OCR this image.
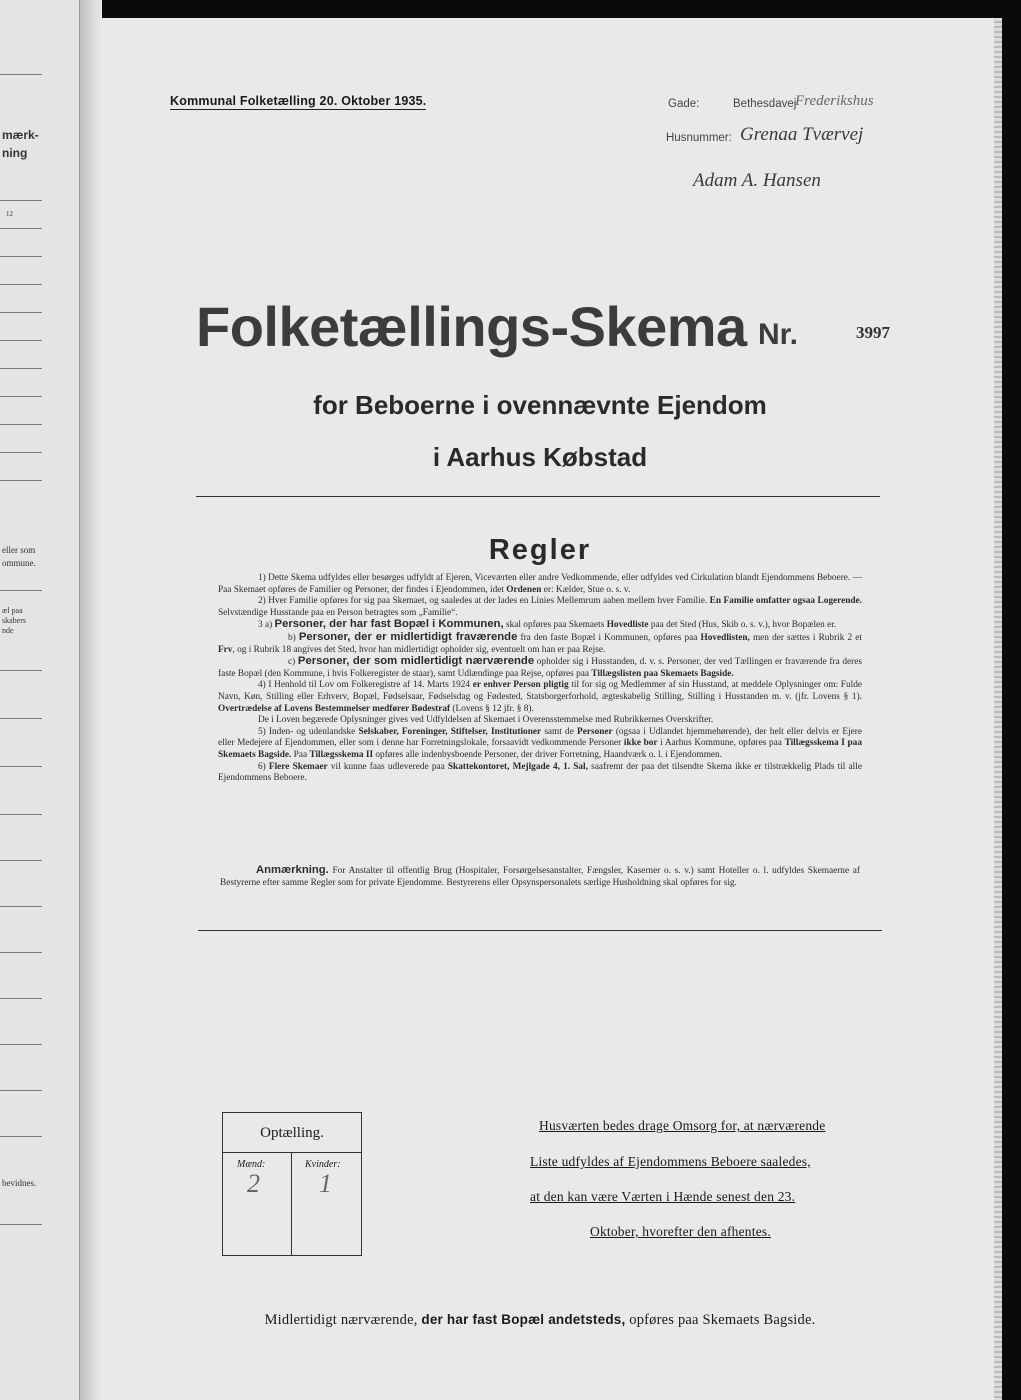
mærk-
ning
12
eller som
ommune.
æl paa
skabers
nde
bevidnes.
Kommunal Folketælling 20. Oktober 1935.	Gade:	Bethesdavej
Frederikshus
Husnummer: Grenaa Tværvej
Adam A. Hansen
Folketællings-Skema Nr.	3997
for Beboerne i ovennævnte Ejendom
i Aarhus Købstad
Regler

1) Dette Skema udfyldes eller besørges udfyldt af Ejeren, Viceværten eller andre Vedkommende, eller udfyldes ved Cirkulation blandt Ejendommens Beboere. — Paa Skemaet opføres de Familier og Personer, der findes i Ejendommen, idet Ordenen er: Kælder, Stue o. s. v.

2) Hver Familie opføres for sig paa Skemaet, og saaledes at der lades en Linies Mellemrum aaben mellem hver Familie. En Familie omfatter ogsaa Logerende. Selvstændige Husstande paa en Person betragtes som „Familie“.

3 a) Personer, der har fast Bopæl i Kommunen, skal opføres paa Skemaets Hovedliste paa det Sted (Hus, Skib o. s. v.), hvor Bopælen er.

b) Personer, der er midlertidigt fraværende fra den faste Bopæl i Kommunen, opføres paa Hovedlisten, men der sættes i Rubrik 2 et Frv, og i Rubrik 18 angives det Sted, hvor han midlertidigt opholder sig, eventuelt om han er paa Rejse.

c) Personer, der som midlertidigt nærværende opholder sig i Husstanden, d. v. s. Personer, der ved Tællingen er fraværende fra deres faste Bopæl (den Kommune, i hvis Folkeregister de staar), samt Udlændinge paa Rejse, opføres paa Tillægslisten paa Skemaets Bagside.

4) I Henhold til Lov om Folkeregistre af 14. Marts 1924 er enhver Person pligtig til for sig og Medlemmer af sin Husstand, at meddele Oplysninger om: Fulde Navn, Køn, Stilling eller Erhverv, Bopæl, Fødselsaar, Fødselsdag og Fødested, Statsborgerforhold, ægteskabelig Stilling, Stilling i Husstanden m. v. (jfr. Lovens § 1). Overtrædelse af Lovens Bestemmelser medfører Bødestraf (Lovens § 12 jfr. § 8).

De i Loven begærede Oplysninger gives ved Udfyldelsen af Skemaet i Overensstemmelse med Rubrikkernes Overskrifter.

5) Inden- og udenlandske Selskaber, Foreninger, Stiftelser, Institutioner samt de Personer (ogsaa i Udlandet hjemmehørende), der helt eller delvis er Ejere eller Medejere af Ejendommen, eller som i denne har Forretningslokale, forsaavidt vedkommende Personer ikke bor i Aarhus Kommune, opføres paa Tillægsskema I paa Skemaets Bagside. Paa Tillægsskema II opføres alle indenbysboende Personer, der driver Forretning, Haandværk o. l. i Ejendommen.

6) Flere Skemaer vil kunne faas udleverede paa Skattekontoret, Mejlgade 4, 1. Sal, saafremt der paa det tilsendte Skema ikke er tilstrækkelig Plads til alle Ejendommens Beboere.

Anmærkning. For Anstalter til offentlig Brug (Hospitaler, Forsørgelsesanstalter, Fængsler, Kaserner o. s. v.) samt Hoteller o. l. udfyldes Skemaerne af Bestyrerne efter samme Regler som for private Ejendomme. Bestyrerens eller Opsynspersonalets særlige Husholdning skal opføres for sig.
Optælling.
Mænd:	Kvinder:
2 1
Husværten bedes drage Omsorg for, at nærværende
Liste udfyldes af Ejendommens Beboere saaledes,
at den kan være Værten i Hænde senest den 23.
Oktober, hvorefter den afhentes.
Midlertidigt nærværende, der har fast Bopæl andetsteds, opføres paa Skemaets Bagside.
